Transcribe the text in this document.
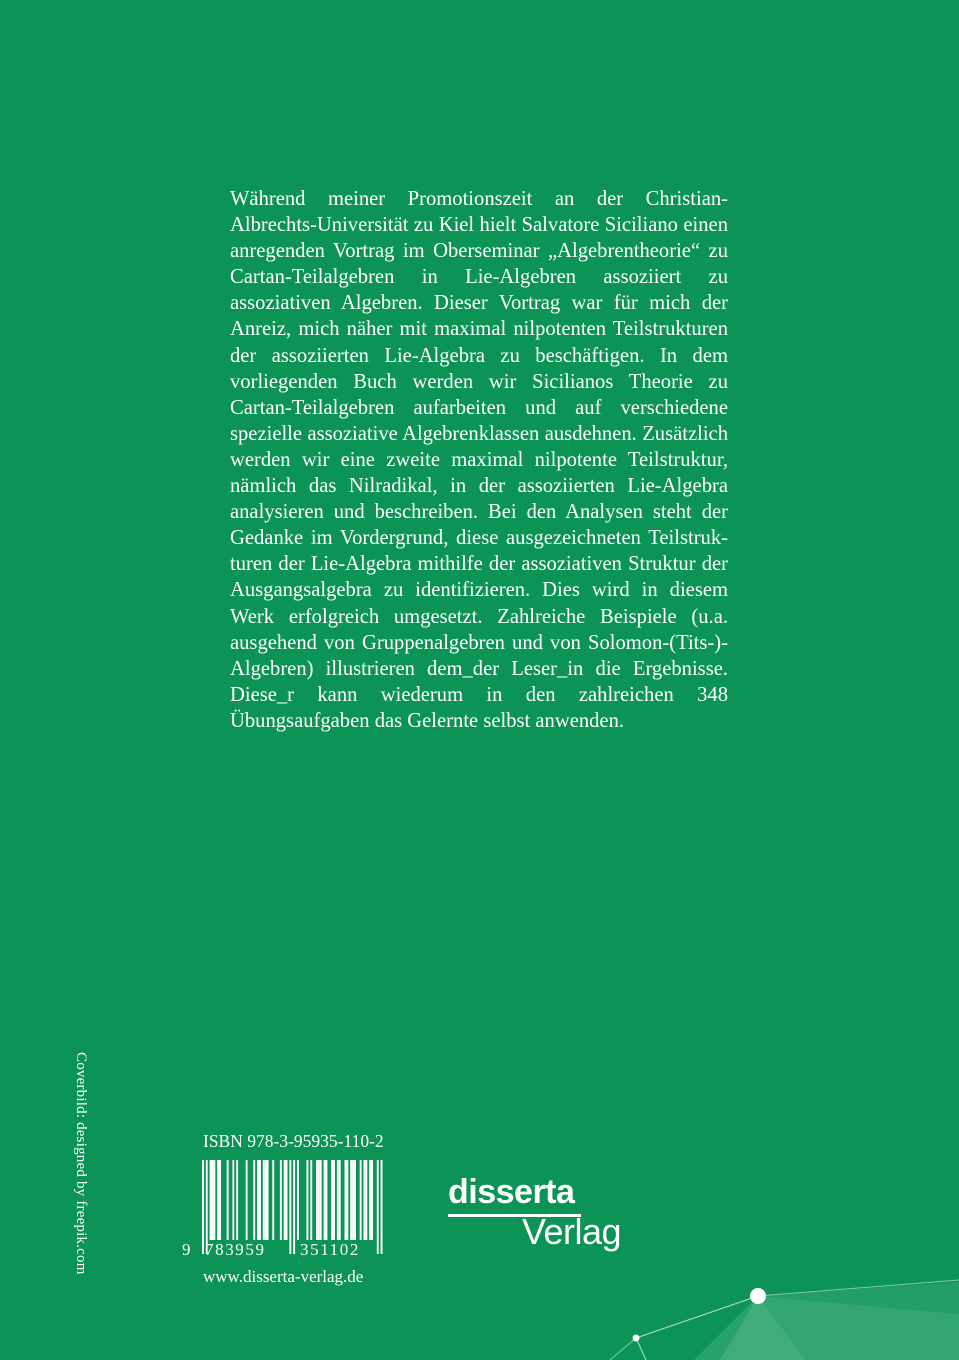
Während meiner Promotionszeit an der Christian-Albrechts-Universität zu Kiel hielt Salvatore Siciliano einen anregenden Vortrag im Oberseminar „Algebrentheorie“ zu Cartan-Teilalgebren in Lie-Algebren assoziiert zu assoziativen Algebren. Dieser Vortrag war für mich der Anreiz, mich näher mit maximal nilpotenten Teilstrukturen der assoziierten Lie-Algebra zu beschäftigen. In dem vorliegenden Buch werden wir Sicilianos Theorie zu Cartan-Teilalgebren aufarbeiten und auf verschiedene spezielle assoziative Algebrenklassen ausdehnen. Zusätzlich werden wir eine zweite maximal nilpotente Teilstruktur, nämlich das Nilradikal, in der assoziierten Lie-Algebra analysieren und beschreiben. Bei den Analysen steht der Gedanke im Vordergrund, diese ausgezeichneten Teilstrukturen der Lie-Algebra mithilfe der assoziativen Struktur der Ausgangsalgebra zu identifizieren. Dies wird in diesem Werk erfolgreich umgesetzt. Zahlreiche Beispiele (u.a. ausgehend von Gruppenalgebren und von Solomon-(Tits-)-Algebren) illustrieren dem_der Leser_in die Ergebnisse. Diese_r kann wiederum in den zahlreichen 348 Übungsaufgaben das Gelernte selbst anwenden.

Coverbild: designed by freepik.com	ISBN 978-3-95935-110-2
9 783959 351102
www.disserta-verlag.de
disserta
Verlag
